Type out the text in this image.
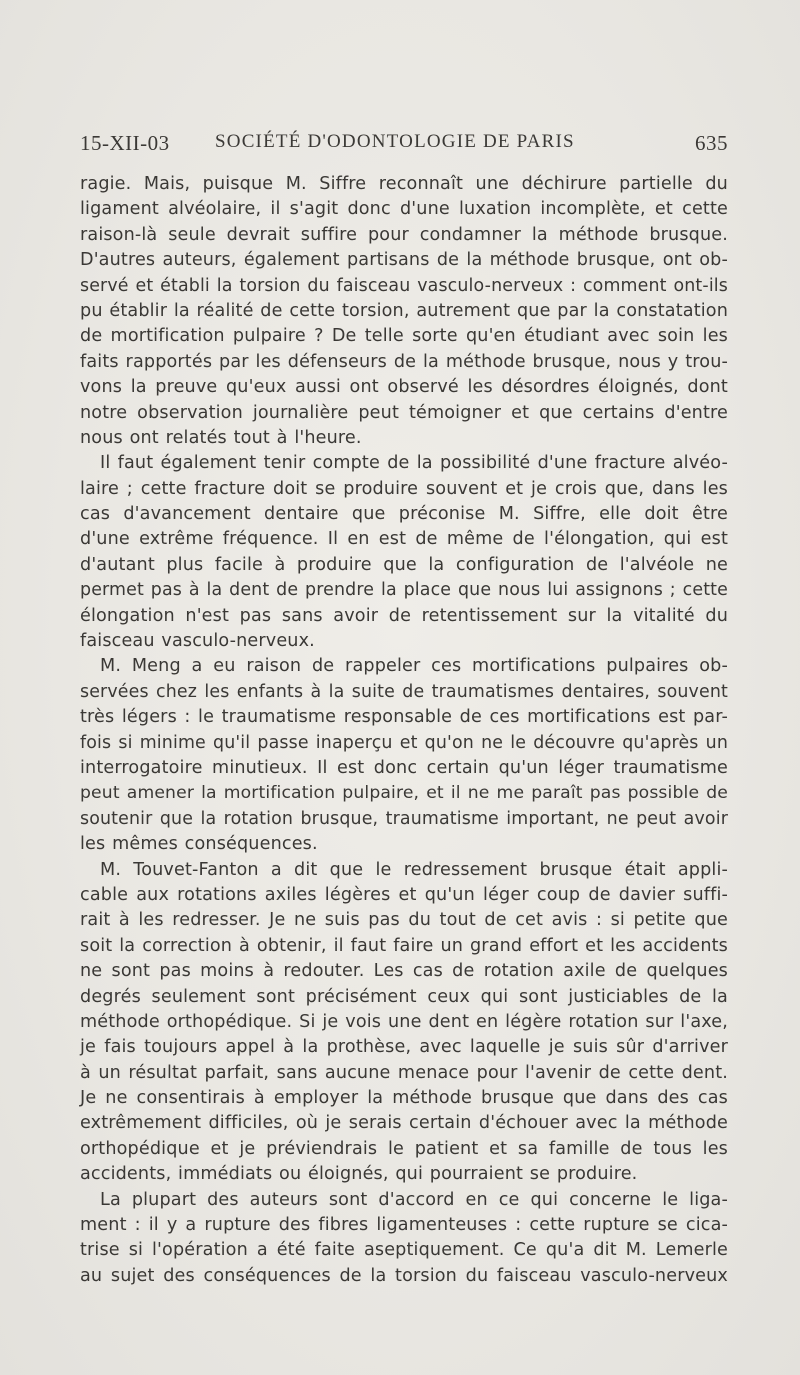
15-XII-03 SOCIÉTÉ D'ODONTOLOGIE DE PARIS	635
ragie. Mais, puisque M. Siffre reconnaît une déchirure partielle du
ligament alvéolaire, il s'agit donc d'une luxation incomplète, et cette
raison-là seule devrait suffire pour condamner la méthode brusque.
D'autres auteurs, également partisans de la méthode brusque, ont ob-
servé et établi la torsion du faisceau vasculo-nerveux : comment ont-ils
pu établir la réalité de cette torsion, autrement que par la constatation
de mortification pulpaire ? De telle sorte qu'en étudiant avec soin les
faits rapportés par les défenseurs de la méthode brusque, nous y trou-
vons la preuve qu'eux aussi ont observé les désordres éloignés, dont
notre observation journalière peut témoigner et que certains d'entre
nous ont relatés tout à l'heure.
Il faut également tenir compte de la possibilité d'une fracture alvéo-
laire ; cette fracture doit se produire souvent et je crois que, dans les
cas d'avancement dentaire que préconise M. Siffre, elle doit être
d'une extrême fréquence. Il en est de même de l'élongation, qui est
d'autant plus facile à produire que la configuration de l'alvéole ne
permet pas à la dent de prendre la place que nous lui assignons ; cette
élongation n'est pas sans avoir de retentissement sur la vitalité du
faisceau vasculo-nerveux.
M. Meng a eu raison de rappeler ces mortifications pulpaires ob-
servées chez les enfants à la suite de traumatismes dentaires, souvent
très légers : le traumatisme responsable de ces mortifications est par-
fois si minime qu'il passe inaperçu et qu'on ne le découvre qu'après un
interrogatoire minutieux. Il est donc certain qu'un léger traumatisme
peut amener la mortification pulpaire, et il ne me paraît pas possible de
soutenir que la rotation brusque, traumatisme important, ne peut avoir
les mêmes conséquences.
M. Touvet-Fanton a dit que le redressement brusque était appli-
cable aux rotations axiles légères et qu'un léger coup de davier suffi-
rait à les redresser. Je ne suis pas du tout de cet avis : si petite que
soit la correction à obtenir, il faut faire un grand effort et les accidents
ne sont pas moins à redouter. Les cas de rotation axile de quelques
degrés seulement sont précisément ceux qui sont justiciables de la
méthode orthopédique. Si je vois une dent en légère rotation sur l'axe,
je fais toujours appel à la prothèse, avec laquelle je suis sûr d'arriver
à un résultat parfait, sans aucune menace pour l'avenir de cette dent.
Je ne consentirais à employer la méthode brusque que dans des cas
extrêmement difficiles, où je serais certain d'échouer avec la méthode
orthopédique et je préviendrais le patient et sa famille de tous les
accidents, immédiats ou éloignés, qui pourraient se produire.
La plupart des auteurs sont d'accord en ce qui concerne le liga-
ment : il y a rupture des fibres ligamenteuses : cette rupture se cica-
trise si l'opération a été faite aseptiquement. Ce qu'a dit M. Lemerle
au sujet des conséquences de la torsion du faisceau vasculo-nerveux
